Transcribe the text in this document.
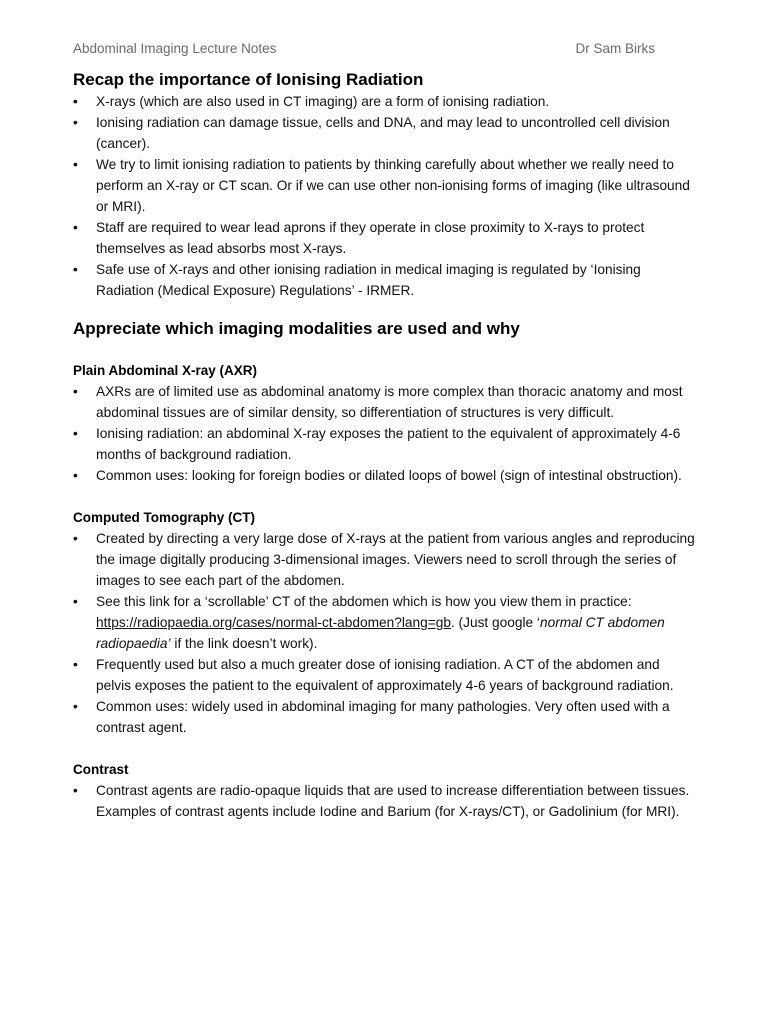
Abdominal Imaging Lecture Notes	Dr Sam Birks
Recap the importance of Ionising Radiation
•	X-rays (which are also used in CT imaging) are a form of ionising radiation.
•	Ionising radiation can damage tissue, cells and DNA, and may lead to uncontrolled cell division (cancer).
•	We try to limit ionising radiation to patients by thinking carefully about whether we really need to perform an X-ray or CT scan. Or if we can use other non-ionising forms of imaging (like ultrasound or MRI).
•	Staff are required to wear lead aprons if they operate in close proximity to X-rays to protect themselves as lead absorbs most X-rays.
•	Safe use of X-rays and other ionising radiation in medical imaging is regulated by ‘Ionising Radiation (Medical Exposure) Regulations’ - IRMER.
Appreciate which imaging modalities are used and why
Plain Abdominal X-ray (AXR)
•	AXRs are of limited use as abdominal anatomy is more complex than thoracic anatomy and most abdominal tissues are of similar density, so differentiation of structures is very difficult.
•	Ionising radiation: an abdominal X-ray exposes the patient to the equivalent of approximately 4-6 months of background radiation.
•	Common uses: looking for foreign bodies or dilated loops of bowel (sign of intestinal obstruction).
Computed Tomography (CT)
•	Created by directing a very large dose of X-rays at the patient from various angles and reproducing the image digitally producing 3-dimensional images. Viewers need to scroll through the series of images to see each part of the abdomen.
•	See this link for a ‘scrollable’ CT of the abdomen which is how you view them in practice: https://radiopaedia.org/cases/normal-ct-abdomen?lang=gb. (Just google ‘normal CT abdomen radiopaedia’ if the link doesn’t work).
•	Frequently used but also a much greater dose of ionising radiation. A CT of the abdomen and pelvis exposes the patient to the equivalent of approximately 4-6 years of background radiation.
•	Common uses: widely used in abdominal imaging for many pathologies. Very often used with a contrast agent.
Contrast
•	Contrast agents are radio-opaque liquids that are used to increase differentiation between tissues. Examples of contrast agents include Iodine and Barium (for X-rays/CT), or Gadolinium (for MRI).
